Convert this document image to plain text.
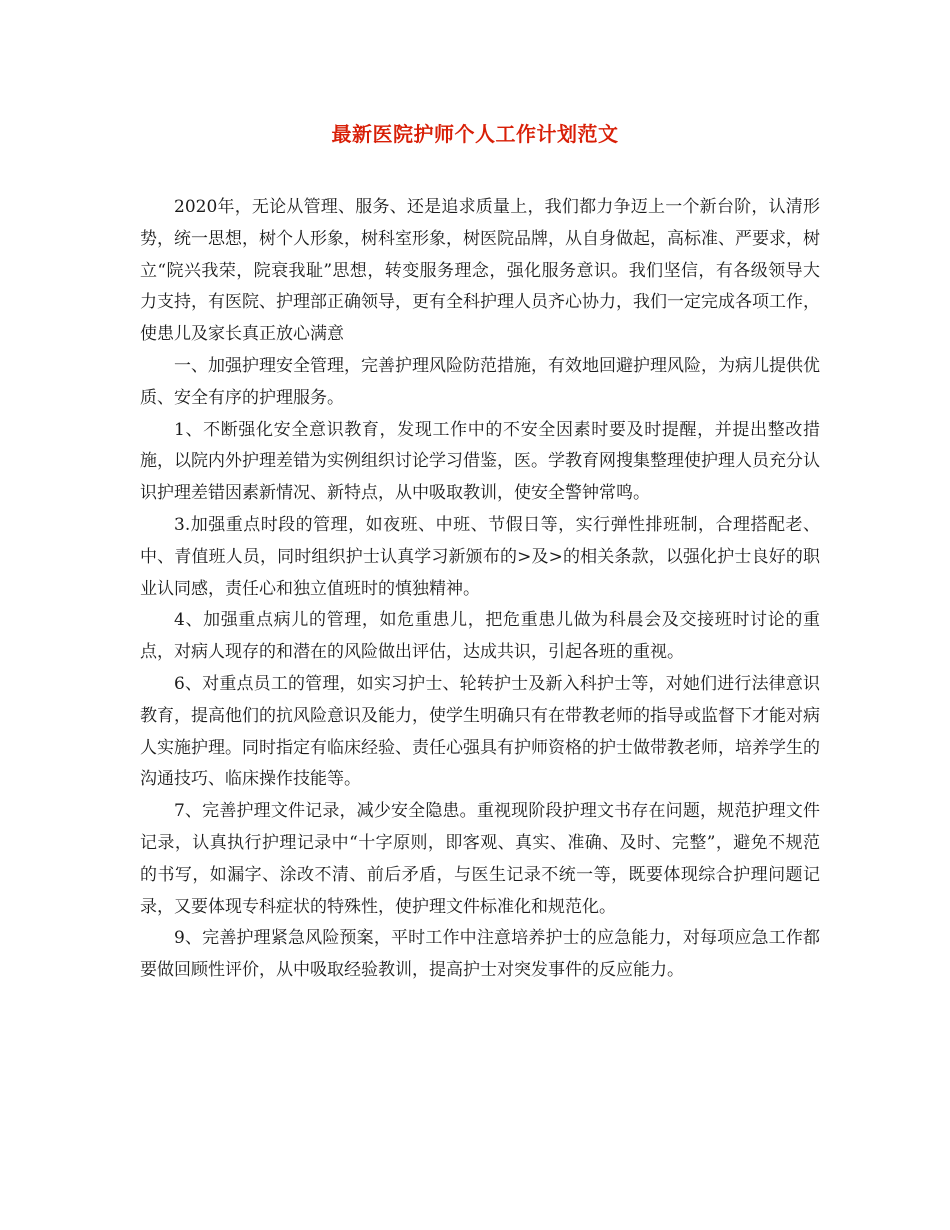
最新医院护师个人工作计划范文

2020年，无论从管理、服务、还是追求质量上，我们都力争迈上一个新台阶，认清形势，统一思想，树个人形象，树科室形象，树医院品牌，从自身做起，高标准、严要求，树立“院兴我荣，院衰我耻”思想，转变服务理念，强化服务意识。我们坚信，有各级领导大力支持，有医院、护理部正确领导，更有全科护理人员齐心协力，我们一定完成各项工作，使患儿及家长真正放心满意

一、加强护理安全管理，完善护理风险防范措施，有效地回避护理风险，为病儿提供优质、安全有序的护理服务。

1、不断强化安全意识教育，发现工作中的不安全因素时要及时提醒，并提出整改措施，以院内外护理差错为实例组织讨论学习借鉴，医。学教育网搜集整理使护理人员充分认识护理差错因素新情况、新特点，从中吸取教训，使安全警钟常鸣。

3.加强重点时段的管理，如夜班、中班、节假日等，实行弹性排班制，合理搭配老、中、青值班人员，同时组织护士认真学习新颁布的>及>的相关条款，以强化护士良好的职业认同感，责任心和独立值班时的慎独精神。

4、加强重点病儿的管理，如危重患儿，把危重患儿做为科晨会及交接班时讨论的重点，对病人现存的和潜在的风险做出评估，达成共识，引起各班的重视。

6、对重点员工的管理，如实习护士、轮转护士及新入科护士等，对她们进行法律意识教育，提高他们的抗风险意识及能力，使学生明确只有在带教老师的指导或监督下才能对病人实施护理。同时指定有临床经验、责任心强具有护师资格的护士做带教老师，培养学生的沟通技巧、临床操作技能等。

7、完善护理文件记录，减少安全隐患。重视现阶段护理文书存在问题，规范护理文件记录，认真执行护理记录中“十字原则，即客观、真实、准确、及时、完整”，避免不规范的书写，如漏字、涂改不清、前后矛盾，与医生记录不统一等，既要体现综合护理问题记录，又要体现专科症状的特殊性，使护理文件标准化和规范化。

9、完善护理紧急风险预案，平时工作中注意培养护士的应急能力，对每项应急工作都要做回顾性评价，从中吸取经验教训，提高护士对突发事件的反应能力。
